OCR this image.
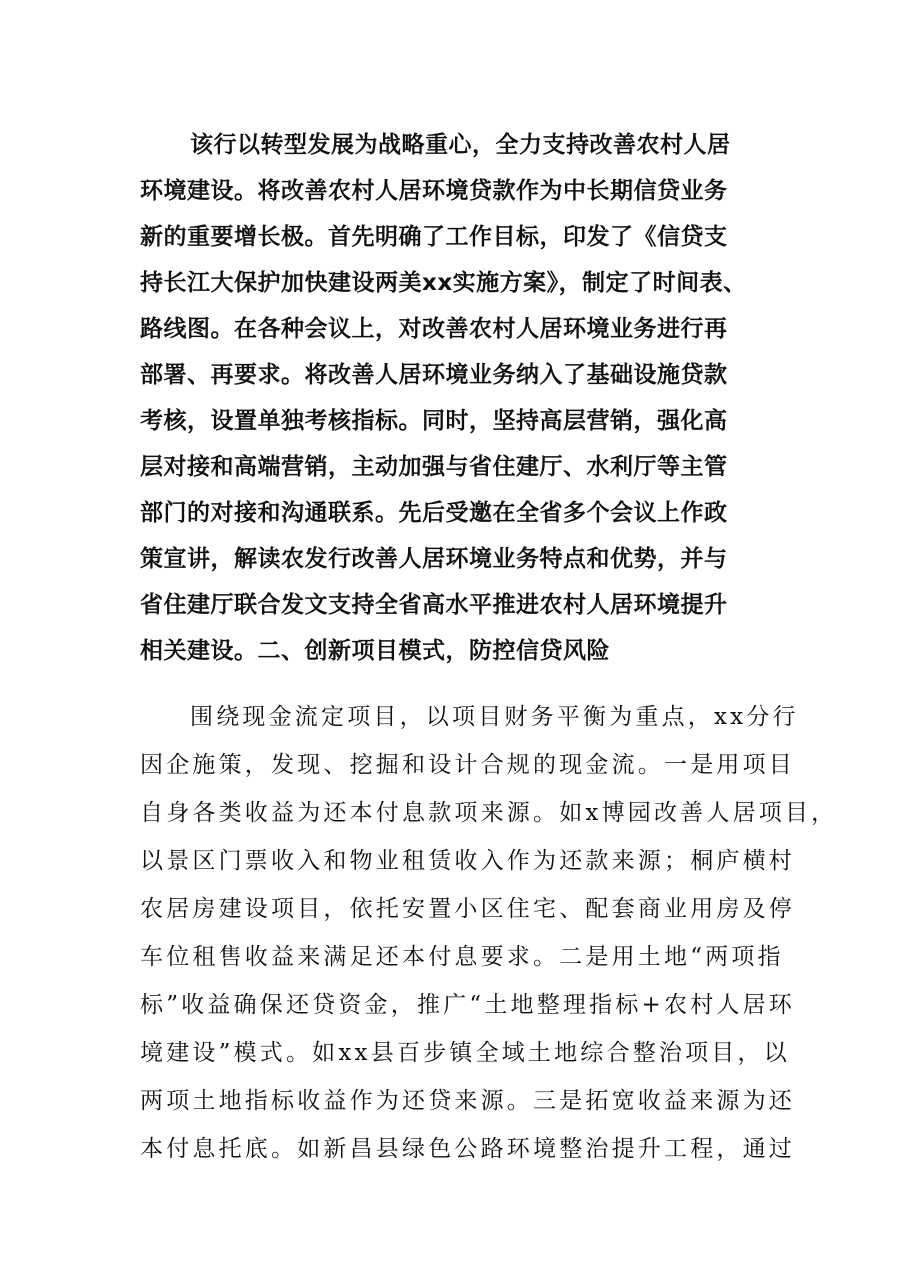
该行以转型发展为战略重心，全力支持改善农村人居
环境建设。将改善农村人居环境贷款作为中长期信贷业务
新的重要增长极。首先明确了工作目标，印发了《信贷支
持长江大保护加快建设两美xx实施方案》，制定了时间表、
路线图。在各种会议上，对改善农村人居环境业务进行再
部署、再要求。将改善人居环境业务纳入了基础设施贷款
考核，设置单独考核指标。同时，坚持高层营销，强化高
层对接和高端营销，主动加强与省住建厅、水利厅等主管
部门的对接和沟通联系。先后受邀在全省多个会议上作政
策宣讲，解读农发行改善人居环境业务特点和优势，并与
省住建厅联合发文支持全省高水平推进农村人居环境提升
相关建设。二、创新项目模式，防控信贷风险
围绕现金流定项目，以项目财务平衡为重点，xx分行
因企施策，发现、挖掘和设计合规的现金流。一是用项目
自身各类收益为还本付息款项来源。如x博园改善人居项目，
以景区门票收入和物业租赁收入作为还款来源；桐庐横村
农居房建设项目，依托安置小区住宅、配套商业用房及停
车位租售收益来满足还本付息要求。二是用土地“两项指
标”收益确保还贷资金，推广“土地整理指标+农村人居环
境建设”模式。如xx县百步镇全域土地综合整治项目，以
两项土地指标收益作为还贷来源。三是拓宽收益来源为还
本付息托底。如新昌县绿色公路环境整治提升工程，通过
